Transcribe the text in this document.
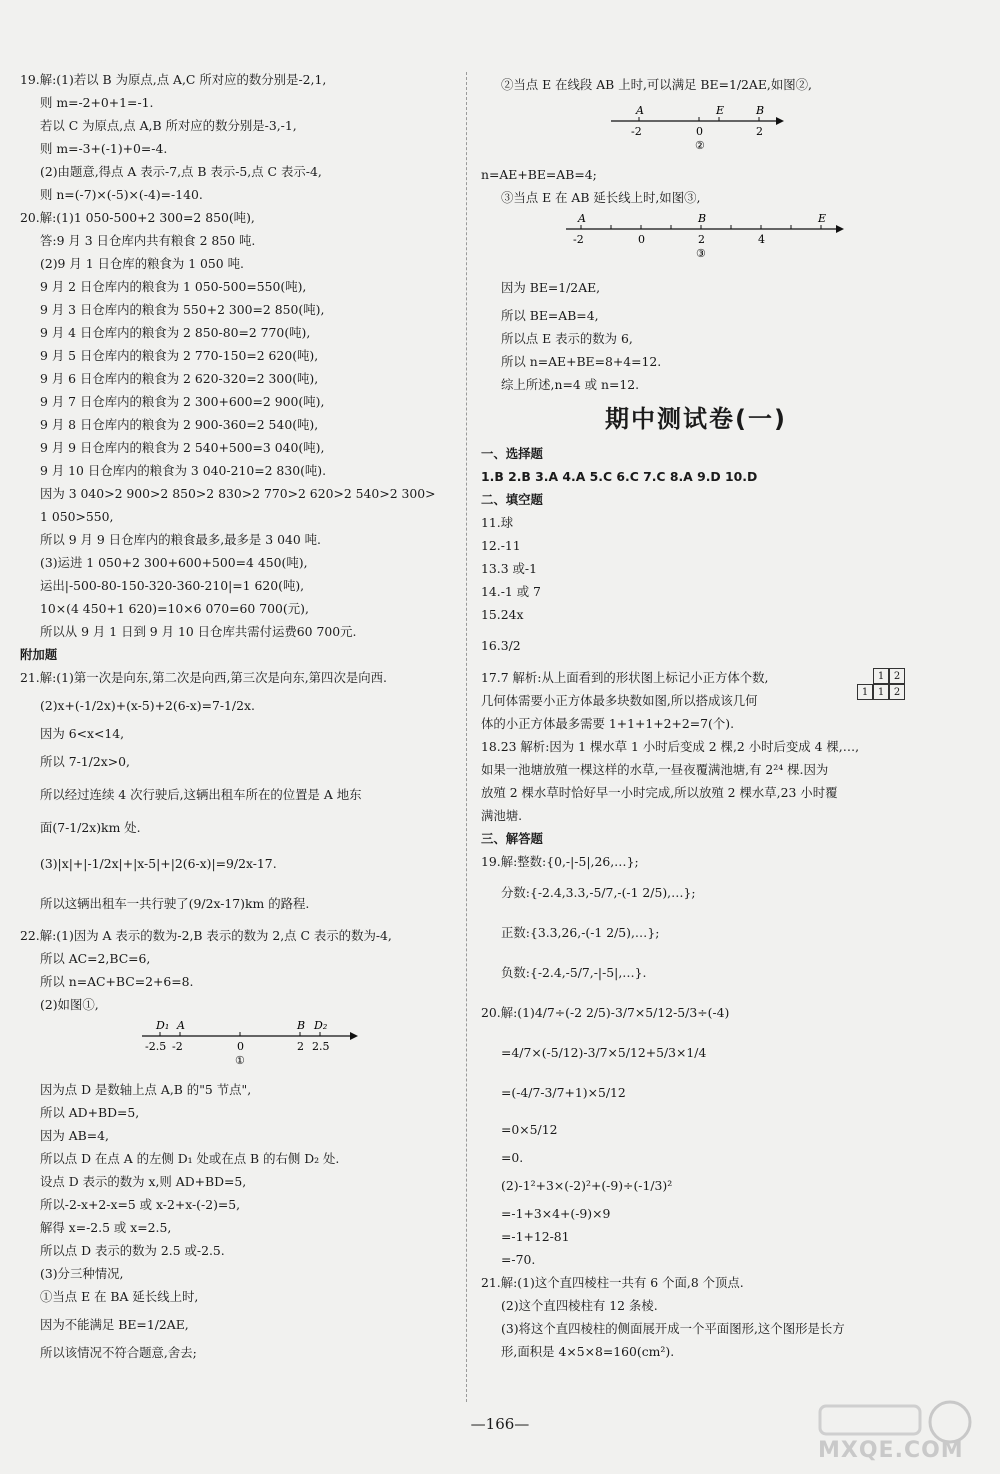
19.解:(1)若以 B 为原点,点 A,C 所对应的数分别是-2,1,
则 m=-2+0+1=-1.
若以 C 为原点,点 A,B 所对应的数分别是-3,-1,
则 m=-3+(-1)+0=-4.
(2)由题意,得点 A 表示-7,点 B 表示-5,点 C 表示-4,
则 n=(-7)×(-5)×(-4)=-140.
20.解:(1)1 050-500+2 300=2 850(吨),
答:9 月 3 日仓库内共有粮食 2 850 吨.
(2)9 月 1 日仓库的粮食为 1 050 吨.
9 月 2 日仓库内的粮食为 1 050-500=550(吨),
9 月 3 日仓库内的粮食为 550+2 300=2 850(吨),
9 月 4 日仓库内的粮食为 2 850-80=2 770(吨),
9 月 5 日仓库内的粮食为 2 770-150=2 620(吨),
9 月 6 日仓库内的粮食为 2 620-320=2 300(吨),
9 月 7 日仓库内的粮食为 2 300+600=2 900(吨),
9 月 8 日仓库内的粮食为 2 900-360=2 540(吨),
9 月 9 日仓库内的粮食为 2 540+500=3 040(吨),
9 月 10 日仓库内的粮食为 3 040-210=2 830(吨).
因为 3 040>2 900>2 850>2 830>2 770>2 620>2 540>2 300>
1 050>550,
所以 9 月 9 日仓库内的粮食最多,最多是 3 040 吨.
(3)运进 1 050+2 300+600+500=4 450(吨),
运出|-500-80-150-320-360-210|=1 620(吨),
10×(4 450+1 620)=10×6 070=60 700(元),
所以从 9 月 1 日到 9 月 10 日仓库共需付运费60 700元.
附加题
21.解:(1)第一次是向东,第二次是向西,第三次是向东,第四次是向西.
(2)x+(-1/2x)+(x-5)+2(6-x)=7-1/2x.
因为 6<x<14,
所以 7-1/2x>0,
所以经过连续 4 次行驶后,这辆出租车所在的位置是 A 地东
面(7-1/2x)km 处.
(3)|x|+|-1/2x|+|x-5|+|2(6-x)|=9/2x-17.
所以这辆出租车一共行驶了(9/2x-17)km 的路程.
22.解:(1)因为 A 表示的数为-2,B 表示的数为 2,点 C 表示的数为-4,
所以 AC=2,BC=6,
所以 n=AC+BC=2+6=8.
(2)如图①,
D₁ A	B D₂
-2.5 -2	0	2 2.5
①
因为点 D 是数轴上点 A,B 的"5 节点",
所以 AD+BD=5,
因为 AB=4,
所以点 D 在点 A 的左侧 D₁ 处或在点 B 的右侧 D₂ 处.
设点 D 表示的数为 x,则 AD+BD=5,
所以-2-x+2-x=5 或 x-2+x-(-2)=5,
解得 x=-2.5 或 x=2.5,
所以点 D 表示的数为 2.5 或-2.5.
(3)分三种情况,
①当点 E 在 BA 延长线上时,
因为不能满足 BE=1/2AE,
所以该情况不符合题意,舍去;
②当点 E 在线段 AB 上时,可以满足 BE=1/2AE,如图②,
A	E	B
-2	0	2
②
n=AE+BE=AB=4;
③当点 E 在 AB 延长线上时,如图③,
A	B	E
-2	0	2	4
③
因为 BE=1/2AE,
所以 BE=AB=4,
所以点 E 表示的数为 6,
所以 n=AE+BE=8+4=12.
综上所述,n=4 或 n=12.
期中测试卷(一)
一、选择题
1.B 2.B 3.A 4.A 5.C 6.C 7.C 8.A 9.D 10.D
二、填空题
11.球
12.-11
13.3 或-1
14.-1 或 7
15.24x
16.3/2
17.7 解析:从上面看到的形状图上标记小正方体个数,
几何体需要小正方体最多块数如图,所以搭成该几何
体的小正方体最多需要 1+1+1+2+2=7(个).
	1	2
1	1	2
18.23 解析:因为 1 棵水草 1 小时后变成 2 棵,2 小时后变成 4 棵,…,
如果一池塘放殖一棵这样的水草,一昼夜覆满池塘,有 2²⁴ 棵.因为
放殖 2 棵水草时恰好早一小时完成,所以放殖 2 棵水草,23 小时覆
满池塘.
三、解答题
19.解:整数:{0,-|-5|,26,…};
分数:{-2.4,3.3,-5/7,-(-1 2/5),…};
正数:{3.3,26,-(-1 2/5),…};
负数:{-2.4,-5/7,-|-5|,…}.
20.解:(1)4/7÷(-2 2/5)-3/7×5/12-5/3÷(-4)
=4/7×(-5/12)-3/7×5/12+5/3×1/4
=(-4/7-3/7+1)×5/12
=0×5/12
=0.
(2)-1²+3×(-2)²+(-9)÷(-1/3)²
=-1+3×4+(-9)×9
=-1+12-81
=-70.
21.解:(1)这个直四棱柱一共有 6 个面,8 个顶点.
(2)这个直四棱柱有 12 条棱.
(3)将这个直四棱柱的侧面展开成一个平面图形,这个图形是长方
形,面积是 4×5×8=160(cm²).
—166—
MXQE.COM
